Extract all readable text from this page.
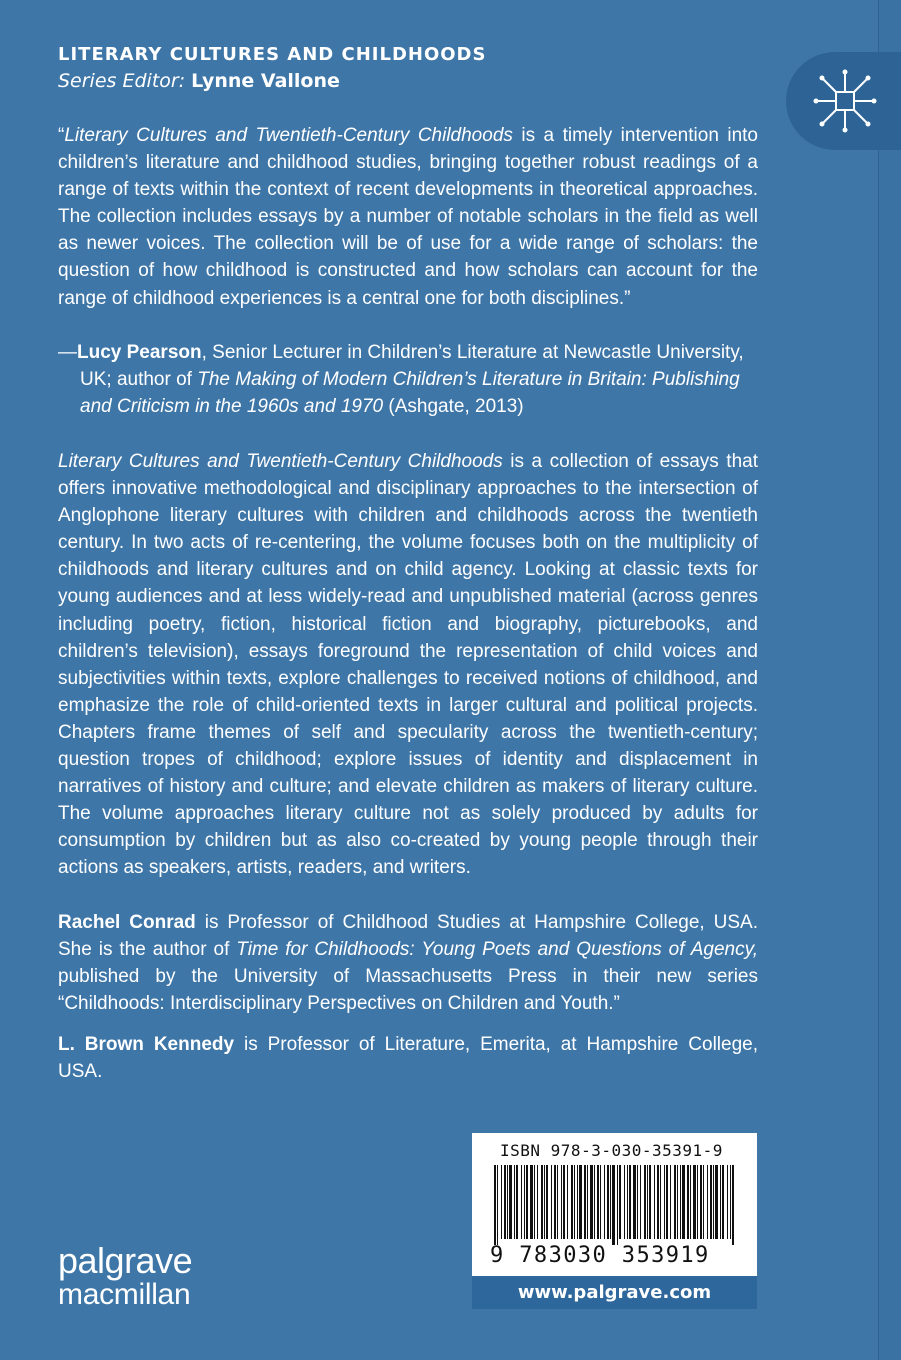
LITERARY CULTURES AND CHILDHOODS
Series Editor: Lynne Vallone
“Literary Cultures and Twentieth-Century Childhoods is a timely intervention into children’s literature and childhood studies, bringing together robust readings of a range of texts within the context of recent developments in theoretical approaches. The collection includes essays by a number of notable scholars in the field as well as newer voices. The collection will be of use for a wide range of scholars: the question of how childhood is constructed and how scholars can account for the range of childhood experiences is a central one for both disciplines.”
—Lucy Pearson, Senior Lecturer in Children’s Literature at Newcastle University, UK; author of The Making of Modern Children’s Literature in Britain: Publishing and Criticism in the 1960s and 1970 (Ashgate, 2013)
Literary Cultures and Twentieth-Century Childhoods is a collection of essays that offers innovative methodological and disciplinary approaches to the intersection of Anglophone literary cultures with children and childhoods across the twentieth century. In two acts of re-centering, the volume focuses both on the multiplicity of childhoods and literary cultures and on child agency. Looking at classic texts for young audiences and at less widely-read and unpublished material (across genres including poetry, fiction, historical fiction and biography, picturebooks, and children’s television), essays foreground the representation of child voices and subjectivities within texts, explore challenges to received notions of childhood, and emphasize the role of child-oriented texts in larger cultural and political projects. Chapters frame themes of self and specularity across the twentieth-century; question tropes of childhood; explore issues of identity and displacement in narratives of history and culture; and elevate children as makers of literary culture. The volume approaches literary culture not as solely produced by adults for consumption by children but as also co-created by young people through their actions as speakers, artists, readers, and writers.
Rachel Conrad is Professor of Childhood Studies at Hampshire College, USA. She is the author of Time for Childhoods: Young Poets and Questions of Agency, published by the University of Massachusetts Press in their new series “Childhoods: Interdisciplinary Perspectives on Children and Youth.”
L. Brown Kennedy is Professor of Literature, Emerita, at Hampshire College, USA.
ISBN 978-3-030-35391-9
9 783030 353919
www.palgrave.com
palgrave
macmillan
